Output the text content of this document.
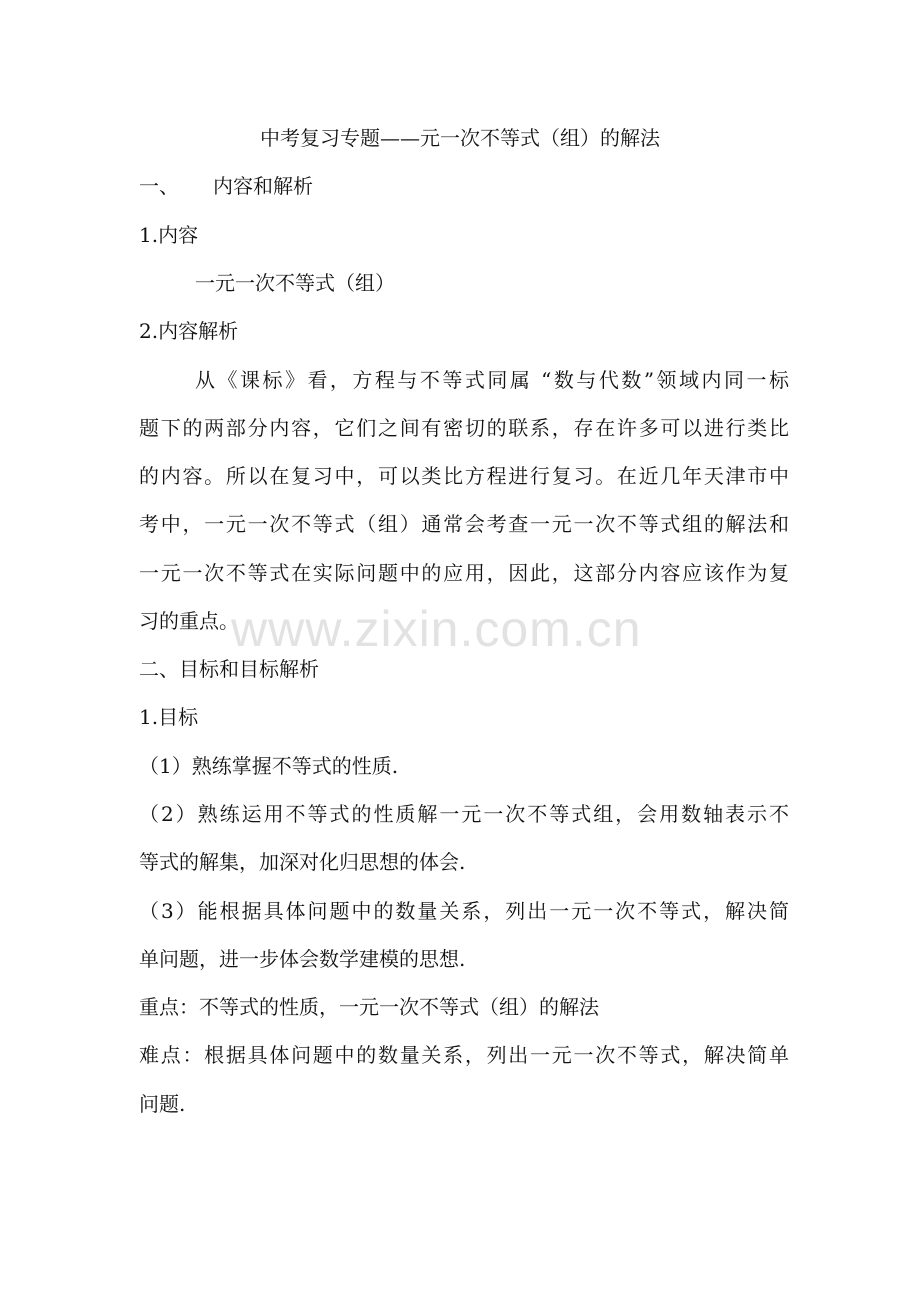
中考复习专题——元一次不等式（组）的解法
一、 内容和解析
1.内容
一元一次不等式（组）
2.内容解析
从《课标》看，方程与不等式同属 “数与代数”领域内同一标
题下的两部分内容，它们之间有密切的联系，存在许多可以进行类比
的内容。所以在复习中，可以类比方程进行复习。在近几年天津市中
考中，一元一次不等式（组）通常会考查一元一次不等式组的解法和
一元一次不等式在实际问题中的应用，因此，这部分内容应该作为复
习的重点。
二、目标和目标解析
1.目标
（1）熟练掌握不等式的性质.
（2）熟练运用不等式的性质解一元一次不等式组，会用数轴表示不
等式的解集，加深对化归思想的体会.
（3）能根据具体问题中的数量关系，列出一元一次不等式，解决简
单问题，进一步体会数学建模的思想.
重点：不等式的性质，一元一次不等式（组）的解法
难点：根据具体问题中的数量关系，列出一元一次不等式，解决简单
问题.
www.zixin.com.cn
